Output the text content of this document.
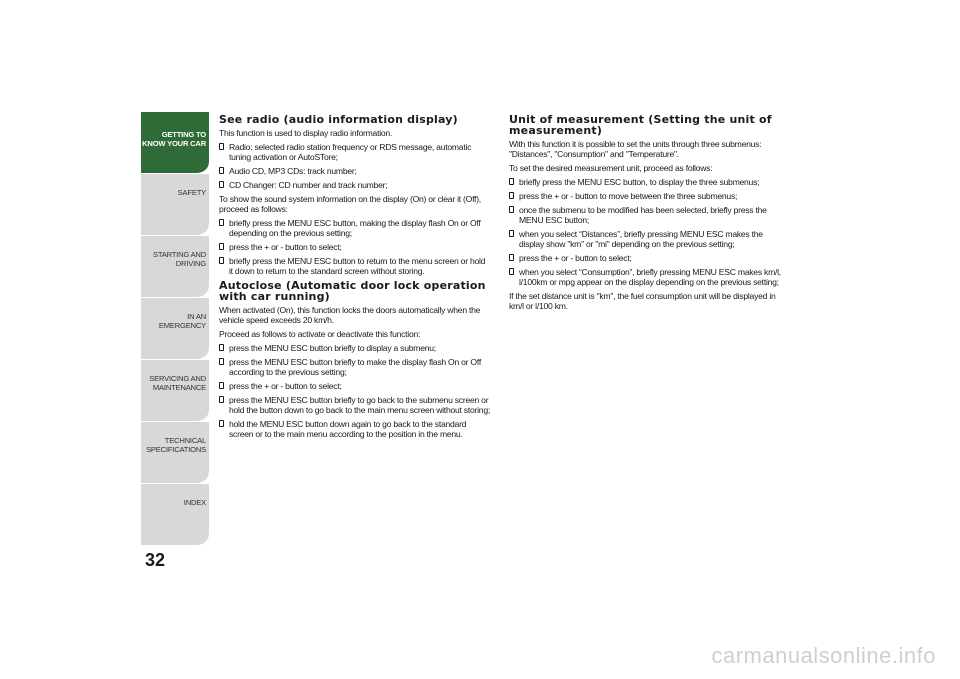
GETTING TO KNOW YOUR CAR
SAFETY
STARTING AND DRIVING
IN AN EMERGENCY
SERVICING AND MAINTENANCE
TECHNICAL SPECIFICATIONS
INDEX
32
See radio (audio information display)
This function is used to display radio information.
Radio: selected radio station frequency or RDS message, automatic tuning activation or AutoSTore;
Audio CD, MP3 CDs: track number;
CD Changer: CD number and track number;
To show the sound system information on the display (On) or clear it (Off), proceed as follows:
briefly press the MENU ESC button, making the display flash On or Off depending on the previous setting;
press the + or - button to select;
briefly press the MENU ESC button to return to the menu screen or hold it down to return to the standard screen without storing.
Autoclose (Automatic door lock operation with car running)
When activated (On), this function locks the doors automatically when the vehicle speed exceeds 20 km/h.
Proceed as follows to activate or deactivate this function:
press the MENU ESC button briefly to display a submenu;
press the MENU ESC button briefly to make the display flash On or Off according to the previous setting;
press the + or - button to select;
press the MENU ESC button briefly to go back to the submenu screen or hold the button down to go back to the main menu screen without storing;
hold the MENU ESC button down again to go back to the standard screen or to the main menu according to the position in the menu.
Unit of measurement (Setting the unit of measurement)
With this function it is possible to set the units through three submenus: "Distances", "Consumption" and "Temperature".
To set the desired measurement unit, proceed as follows:
briefly press the MENU ESC button, to display the three submenus;
press the + or - button to move between the three submenus;
once the submenu to be modified has been selected, briefly press the MENU ESC button;
when you select “Distances”, briefly pressing MENU ESC makes the display show "km" or "mi" depending on the previous setting;
press the + or - button to select;
when you select “Consumption”, briefly pressing MENU ESC makes km/l, l/100km or mpg appear on the display depending on the previous setting;
If the set distance unit is "km", the fuel consumption unit will be displayed in km/l or l/100 km.
carmanualsonline.info
